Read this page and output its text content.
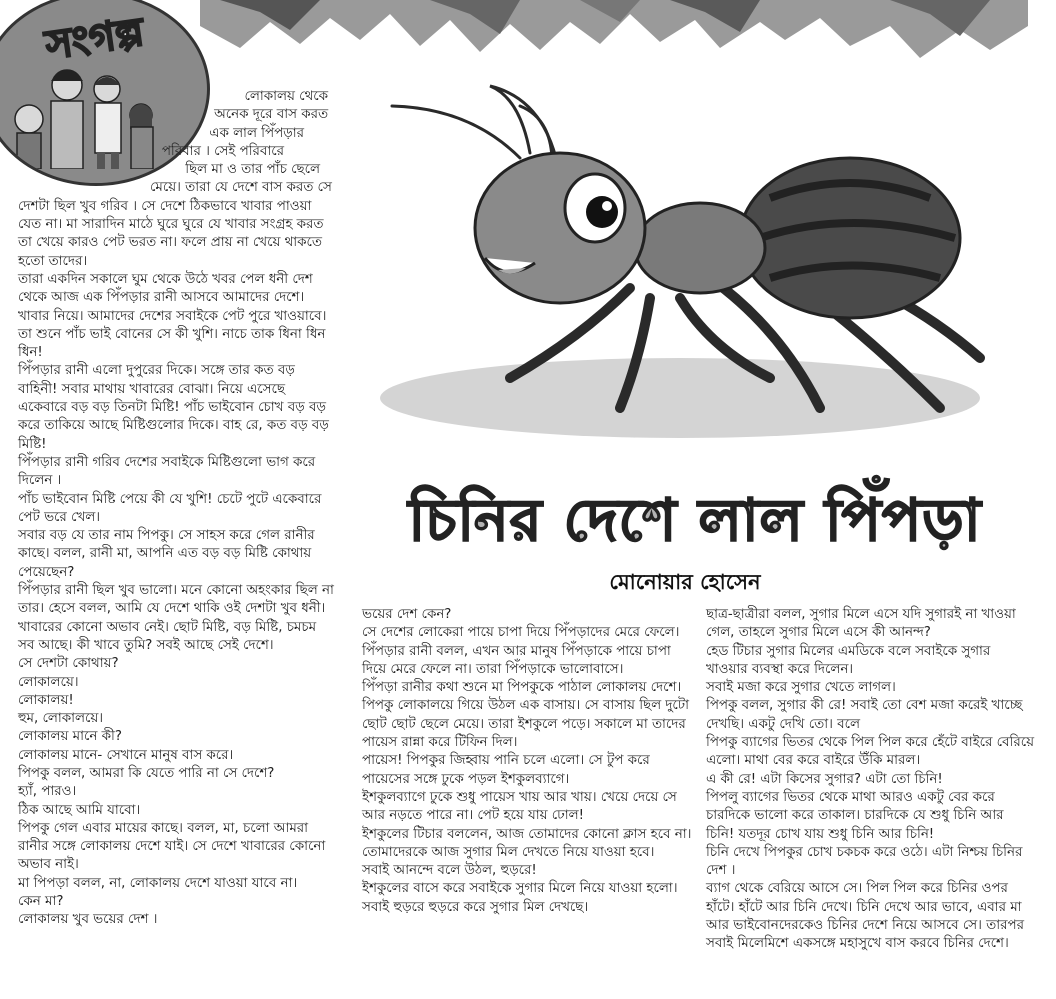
সংগল্প
চিনির দেশে লাল পিঁপড়া
মোনোয়ার হোসেন

লোকালয় থেকে

অনেক দূরে বাস করত

এক লাল পিঁপড়ার

পরিবার । সেই পরিবারে

ছিল মা ও তার পাঁচ ছেলে

মেয়ে। তারা যে দেশে বাস করত সে দেশটা ছিল খুব গরিব । সে দেশে ঠিকভাবে খাবার পাওয়া যেত না। মা সারাদিন মাঠে ঘুরে ঘুরে যে খাবার সংগ্রহ করত তা খেয়ে কারও পেট ভরত না। ফলে প্রায় না খেয়ে থাকতে হতো তাদের।

তারা একদিন সকালে ঘুম থেকে উঠে খবর পেল ধনী দেশ থেকে আজ এক পিঁপড়ার রানী আসবে আমাদের দেশে। খাবার নিয়ে। আমাদের দেশের সবাইকে পেট পুরে খাওয়াবে। তা শুনে পাঁচ ভাই বোনের সে কী খুশি। নাচে তাক ধিনা ধিন ধিন!

পিঁপড়ার রানী এলো দুপুরের দিকে। সঙ্গে তার কত বড় বাহিনী! সবার মাথায় খাবারের বোঝা। নিয়ে এসেছে একেবারে বড় বড় তিনটা মিষ্টি! পাঁচ ভাইবোন চোখ বড় বড় করে তাকিয়ে আছে মিষ্টিগুলোর দিকে। বাহ রে, কত বড় বড় মিষ্টি!

পিঁপড়ার রানী গরিব দেশের সবাইকে মিষ্টিগুলো ভাগ করে দিলেন ।

পাঁচ ভাইবোন মিষ্টি পেয়ে কী যে খুশি! চেটে পুটে একেবারে পেট ভরে খেল।

সবার বড় যে তার নাম পিপকু। সে সাহস করে গেল রানীর কাছে। বলল, রানী মা, আপনি এত বড় বড় মিষ্টি কোথায় পেয়েছেন?

পিঁপড়ার রানী ছিল খুব ভালো। মনে কোনো অহংকার ছিল না তার। হেসে বলল, আমি যে দেশে থাকি ওই দেশটা খুব ধনী। খাবারের কোনো অভাব নেই। ছোট মিষ্টি, বড় মিষ্টি, চমচম সব আছে। কী খাবে তুমি? সবই আছে সেই দেশে।

সে দেশটা কোথায়?

লোকালয়ে।

লোকালয়!

হুম, লোকালয়ে।

লোকালয় মানে কী?

লোকালয় মানে- সেখানে মানুষ বাস করে।

পিপকু বলল, আমরা কি যেতে পারি না সে দেশে?

হ্যাঁ, পারও।

ঠিক আছে আমি যাবো।

পিপকু গেল এবার মায়ের কাছে। বলল, মা, চলো আমরা রানীর সঙ্গে লোকালয় দেশে যাই। সে দেশে খাবারের কোনো অভাব নাই।

মা পিপড়া বলল, না, লোকালয় দেশে যাওয়া যাবে না।

কেন মা?

লোকালয় খুব ভয়ের দেশ ।

ভয়ের দেশ কেন?

সে দেশের লোকেরা পায়ে চাপা দিয়ে পিঁপড়াদের মেরে ফেলে।

পিঁপড়ার রানী বলল, এখন আর মানুষ পিঁপড়াকে পায়ে চাপা দিয়ে মেরে ফেলে না। তারা পিঁপড়াকে ভালোবাসে।

পিঁপড়া রানীর কথা শুনে মা পিপকুকে পাঠাল লোকালয় দেশে।

পিপকু লোকালয়ে গিয়ে উঠল এক বাসায়। সে বাসায় ছিল দুটো ছোট ছোট ছেলে মেয়ে। তারা ইশকুলে পড়ে। সকালে মা তাদের পায়েস রান্না করে টিফিন দিল।

পায়েস! পিপকুর জিহ্বায় পানি চলে এলো। সে টুপ করে পায়েসের সঙ্গে ঢুকে পড়ল ইশকুলব্যাগে।

ইশকুলব্যাগে ঢুকে শুধু পায়েস খায় আর খায়। খেয়ে দেয়ে সে আর নড়তে পারে না। পেট হয়ে যায় ঢোল!

ইশকুলের টিচার বললেন, আজ তোমাদের কোনো ক্লাস হবে না। তোমাদেরকে আজ সুগার মিল দেখতে নিয়ে যাওয়া হবে।

সবাই আনন্দে বলে উঠল, হুড়রে!

ইশকুলের বাসে করে সবাইকে সুগার মিলে নিয়ে যাওয়া হলো। সবাই হুড়রে হুড়রে করে সুগার মিল দেখছে।

ছাত্র-ছাত্রীরা বলল, সুগার মিলে এসে যদি সুগারই না খাওয়া গেল, তাহলে সুগার মিলে এসে কী আনন্দ?

হেড টিচার সুগার মিলের এমডিকে বলে সবাইকে সুগার খাওয়ার ব্যবস্থা করে দিলেন।

সবাই মজা করে সুগার খেতে লাগল।

পিপকু বলল, সুগার কী রে! সবাই তো বেশ মজা করেই খাচ্ছে দেখছি। একটু দেখি তো। বলে

পিপকু ব্যাগের ভিতর থেকে পিল পিল করে হেঁটে বাইরে বেরিয়ে এলো। মাথা বের করে বাইরে উঁকি মারল।

এ কী রে! এটা কিসের সুগার? এটা তো চিনি!

পিপলু ব্যাগের ভিতর থেকে মাথা আরও একটু বের করে চারদিকে ভালো করে তাকাল। চারদিকে যে শুধু চিনি আর চিনি! যতদূর চোখ যায় শুধু চিনি আর চিনি!

চিনি দেখে পিপকুর চোখ চকচক করে ওঠে। এটা নিশ্চয় চিনির দেশ ।

ব্যাগ থেকে বেরিয়ে আসে সে। পিল পিল করে চিনির ওপর হাঁটে। হাঁটে আর চিনি দেখে। চিনি দেখে আর ভাবে, এবার মা আর ভাইবোনদেরকেও চিনির দেশে নিয়ে আসবে সে। তারপর সবাই মিলেমিশে একসঙ্গে মহাসুখে বাস করবে চিনির দেশে।
